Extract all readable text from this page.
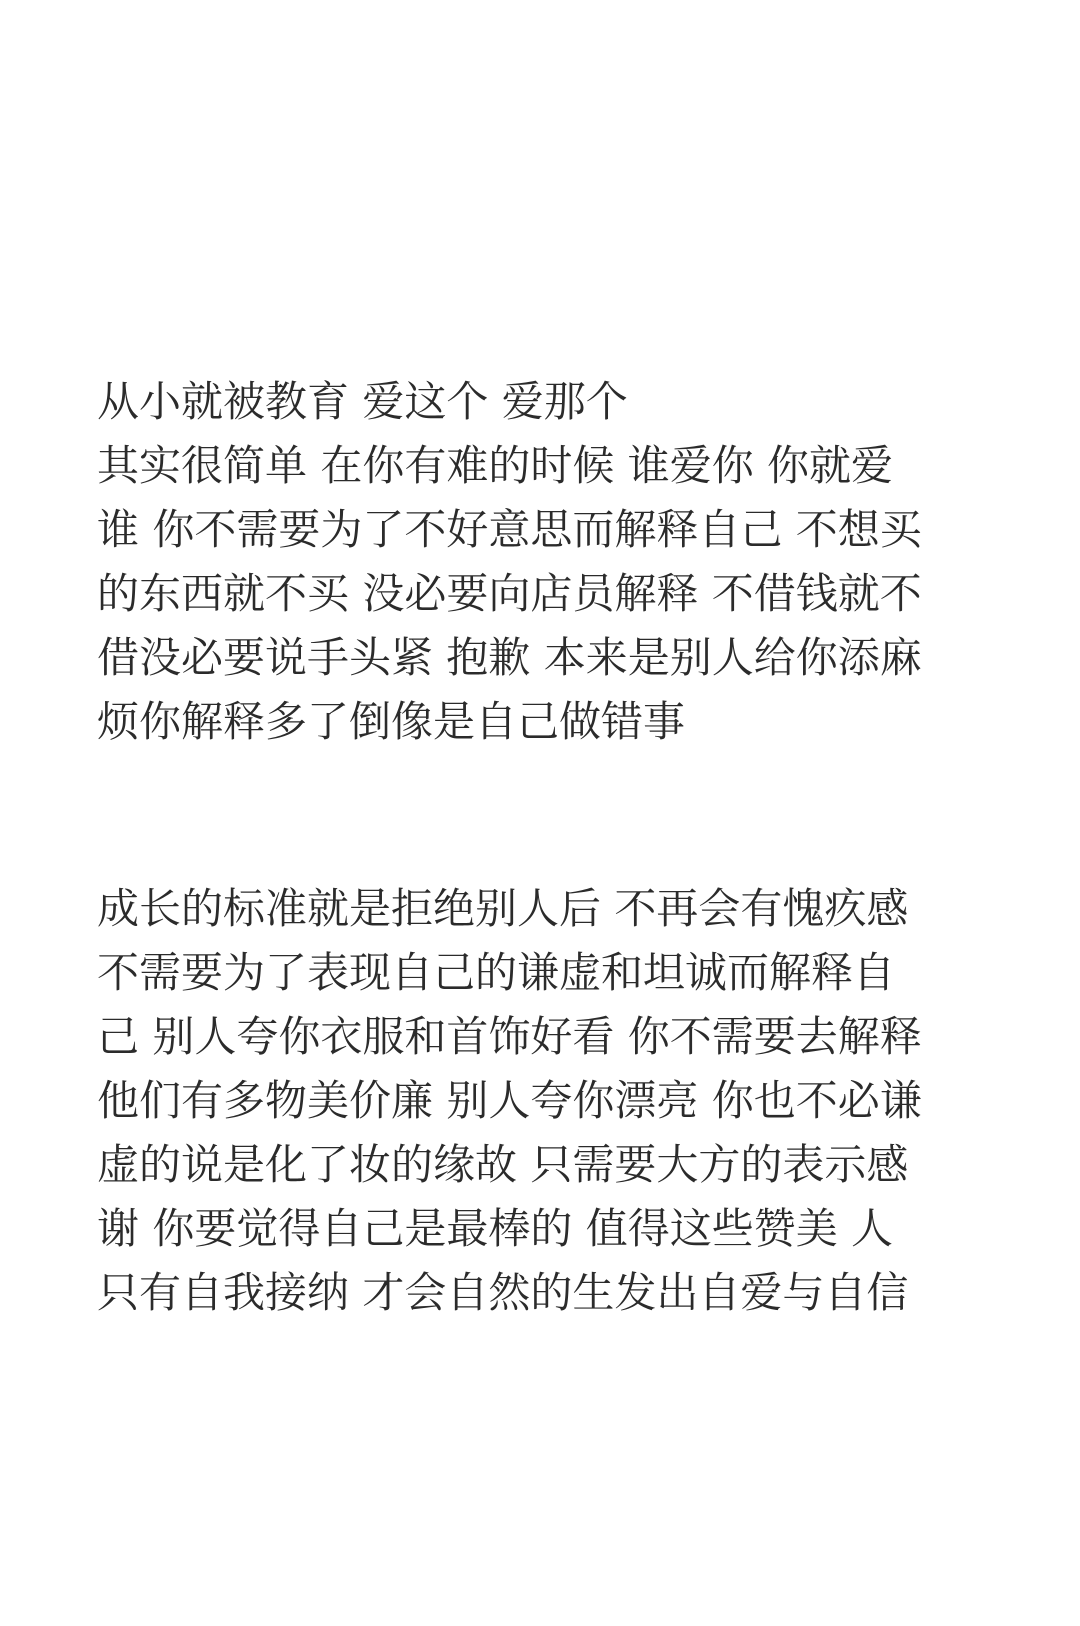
从小就被教育 爱这个 爱那个
其实很简单 在你有难的时候 谁爱你 你就爱
谁 你不需要为了不好意思而解释自己 不想买
的东西就不买 没必要向店员解释 不借钱就不
借没必要说手头紧 抱歉 本来是别人给你添麻
烦你解释多了倒像是自己做错事
成长的标准就是拒绝别人后 不再会有愧疚感
不需要为了表现自己的谦虚和坦诚而解释自
己 别人夸你衣服和首饰好看 你不需要去解释
他们有多物美价廉 别人夸你漂亮 你也不必谦
虚的说是化了妆的缘故 只需要大方的表示感
谢 你要觉得自己是最棒的 值得这些赞美 人
只有自我接纳 才会自然的生发出自爱与自信
